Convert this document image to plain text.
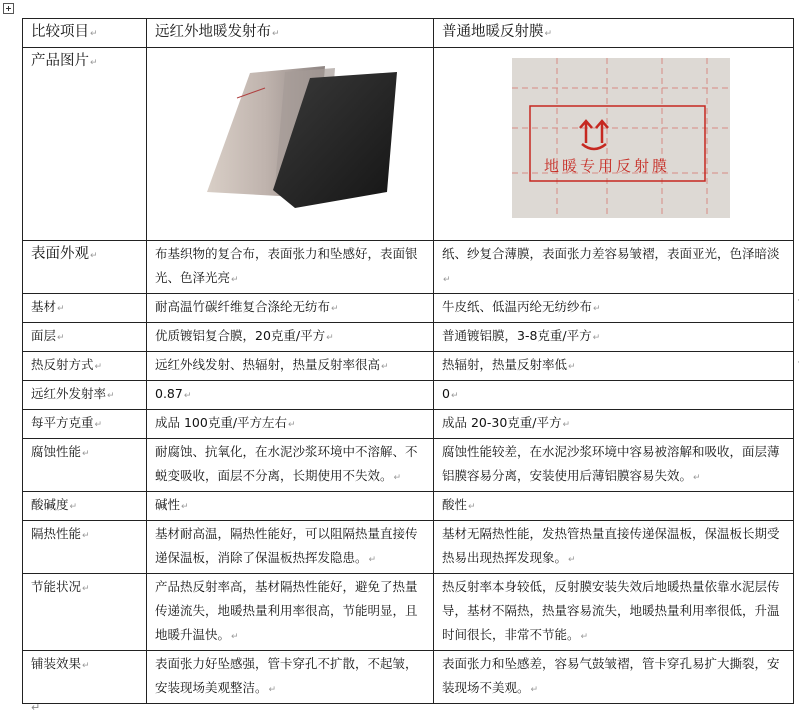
比较项目↵	远红外地暖发射布↵	普通地暖反射膜↵
产品图片↵		地暖专用反射膜

表面外观↵	布基织物的复合布，表面张力和坠感好，表面银光、色泽光亮↵	纸、纱复合薄膜，表面张力差容易皱褶，表面亚光，色泽暗淡↵
基材↵	耐高温竹碳纤维复合涤纶无纺布↵	牛皮纸、低温丙纶无纺纱布↵
面层↵	优质镀铝复合膜，20克重/平方↵	普通镀铝膜，3-8克重/平方↵
热反射方式↵	远红外线发射、热辐射，热量反射率很高↵	热辐射，热量反射率低↵
远红外发射率↵	0.87↵	0↵
每平方克重↵	成品 100克重/平方左右↵	成品 20-30克重/平方↵
腐蚀性能↵	耐腐蚀、抗氧化，在水泥沙浆环境中不溶解、不蜕变吸收，面层不分离，长期使用不失效。↵	腐蚀性能较差，在水泥沙浆环境中容易被溶解和吸收，面层薄铝膜容易分离，安装使用后薄铝膜容易失效。↵
酸碱度↵	碱性↵	酸性↵
隔热性能↵	基材耐高温，隔热性能好，可以阻隔热量直接传递保温板，消除了保温板热挥发隐患。↵	基材无隔热性能，发热管热量直接传递保温板，保温板长期受热易出现热挥发现象。↵
节能状况↵	产品热反射率高，基材隔热性能好，避免了热量传递流失，地暖热量利用率很高，节能明显，且地暖升温快。↵	热反射率本身较低，反射膜安装失效后地暖热量依靠水泥层传导，基材不隔热，热量容易流失，地暖热量利用率很低，升温时间很长，非常不节能。↵
铺装效果↵	表面张力好坠感强，管卡穿孔不扩散，不起皱，安装现场美观整洁。↵	表面张力和坠感差，容易气鼓皱褶，管卡穿孔易扩大撕裂，安装现场不美观。↵
↵
·
·
